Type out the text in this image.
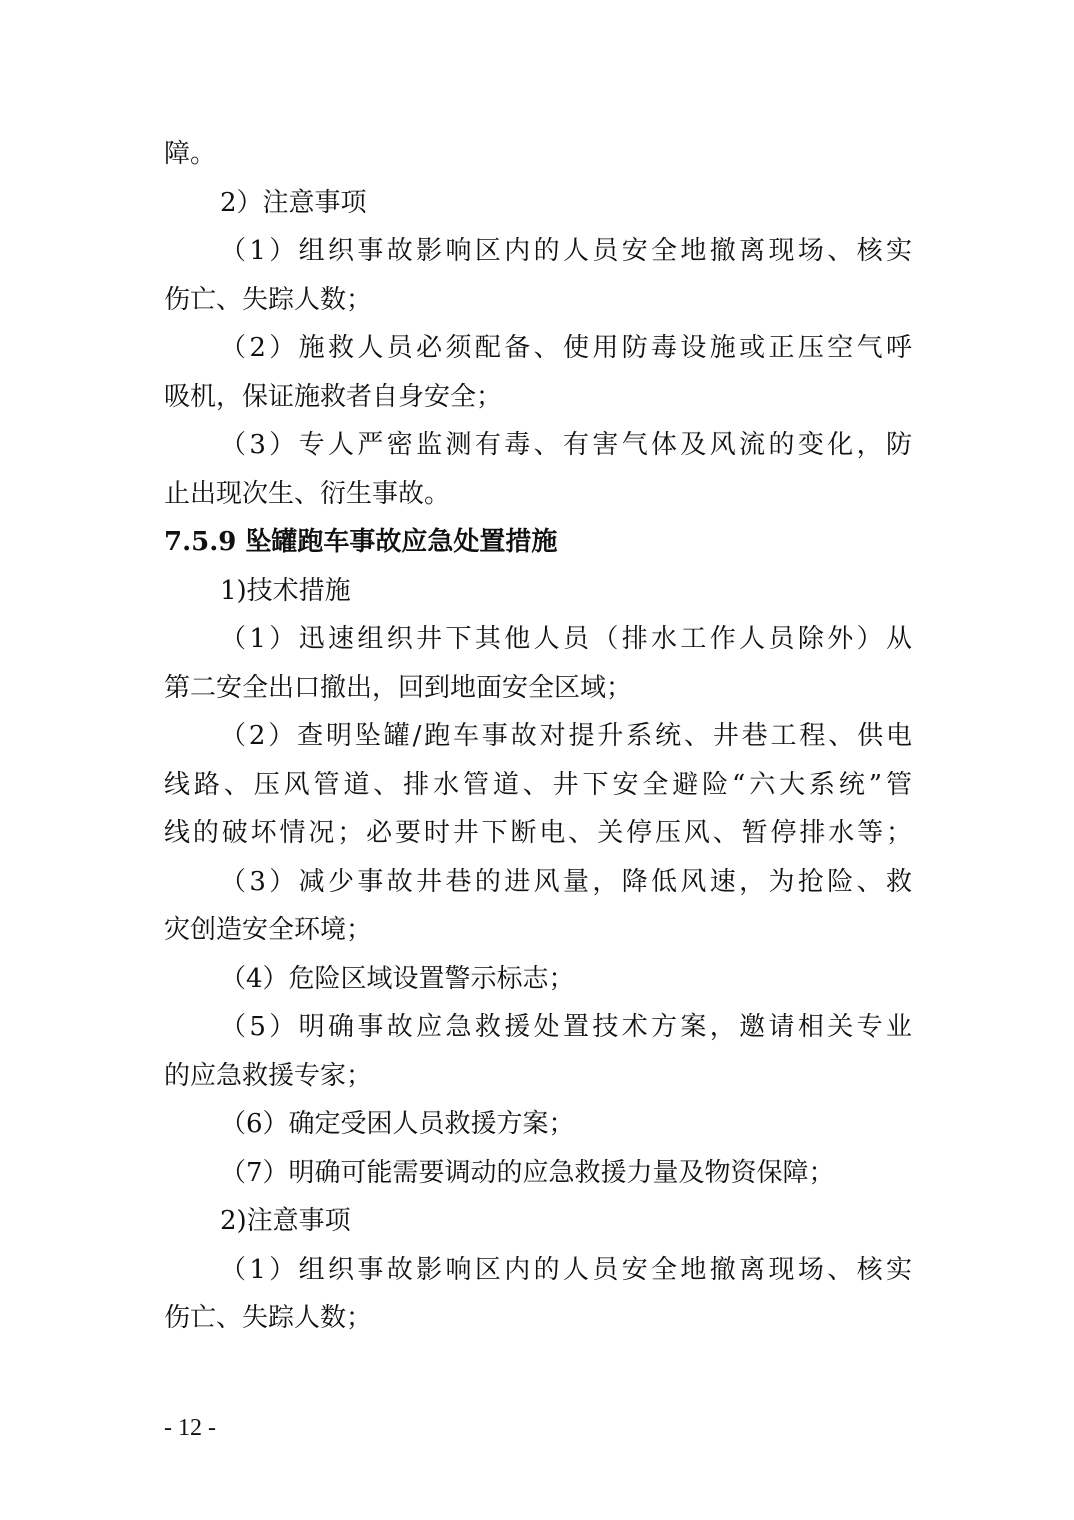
障。
2）注意事项
（1）组织事故影响区内的人员安全地撤离现场、核实
伤亡、失踪人数；
（2）施救人员必须配备、使用防毒设施或正压空气呼
吸机，保证施救者自身安全；
（3）专人严密监测有毒、有害气体及风流的变化，防
止出现次生、衍生事故。
7.5.9 坠罐跑车事故应急处置措施
1)技术措施
（1）迅速组织井下其他人员（排水工作人员除外）从
第二安全出口撤出，回到地面安全区域；
（2）查明坠罐/跑车事故对提升系统、井巷工程、供电
线路、压风管道、排水管道、井下安全避险“六大系统”管
线的破坏情况；必要时井下断电、关停压风、暂停排水等；
（3）减少事故井巷的进风量，降低风速，为抢险、救
灾创造安全环境；
（4）危险区域设置警示标志；
（5）明确事故应急救援处置技术方案，邀请相关专业
的应急救援专家；
（6）确定受困人员救援方案；
（7）明确可能需要调动的应急救援力量及物资保障；
2)注意事项
（1）组织事故影响区内的人员安全地撤离现场、核实
伤亡、失踪人数；
- 12 -
